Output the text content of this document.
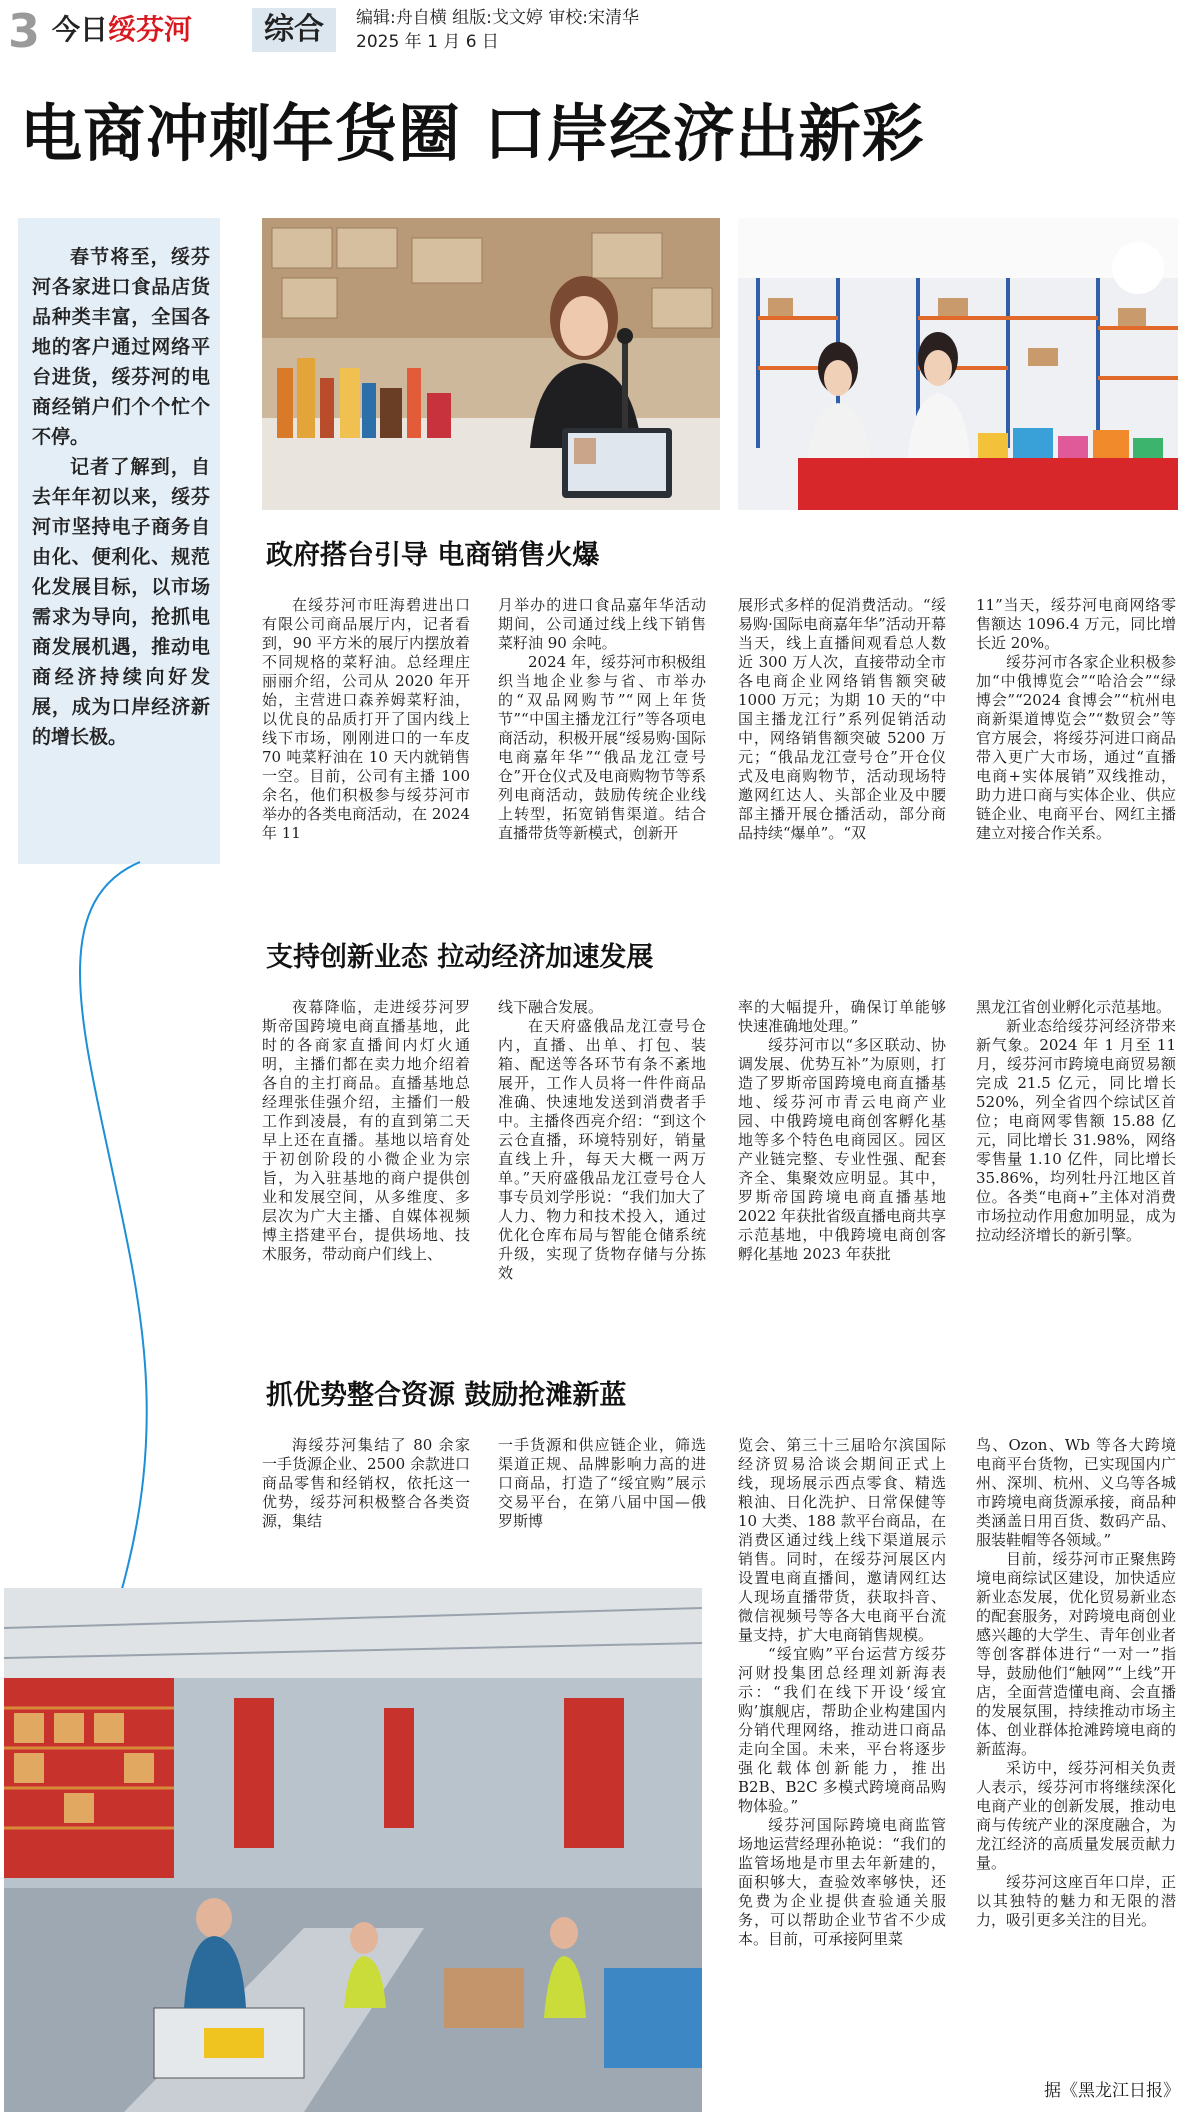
3 今日绥芬河	综合	编辑:舟自横 组版:戈文婷 审校:宋清华
2025 年 1 月 6 日
电商冲刺年货圈 口岸经济出新彩

春节将至，绥芬河各家进口食品店货品种类丰富，全国各地的客户通过网络平台进货，绥芬河的电商经销户们个个忙个不停。

记者了解到，自去年年初以来，绥芬河市坚持电子商务自由化、便利化、规范化发展目标，以市场需求为导向，抢抓电商发展机遇，推动电商经济持续向好发展，成为口岸经济新的增长极。

政府搭台引导 电商销售火爆

在绥芬河市旺海碧进出口有限公司商品展厅内，记者看到，90 平方米的展厅内摆放着不同规格的菜籽油。总经理庄丽丽介绍，公司从 2020 年开始，主营进口森养姆菜籽油，以优良的品质打开了国内线上线下市场，刚刚进口的一车皮 70 吨菜籽油在 10 天内就销售一空。目前，公司有主播 100 余名，他们积极参与绥芬河市举办的各类电商活动，在 2024 年 11

月举办的进口食品嘉年华活动期间，公司通过线上线下销售菜籽油 90 余吨。

2024 年，绥芬河市积极组织当地企业参与省、市举办的“双品网购节”“网上年货节”“中国主播龙江行”等各项电商活动，积极开展“绥易购·国际电商嘉年华”“俄品龙江壹号仓”开仓仪式及电商购物节等系列电商活动，鼓励传统企业线上转型，拓宽销售渠道。结合直播带货等新模式，创新开

展形式多样的促消费活动。“绥易购·国际电商嘉年华”活动开幕当天，线上直播间观看总人数近 300 万人次，直接带动全市各电商企业网络销售额突破 1000 万元；为期 10 天的“中国主播龙江行”系列促销活动中，网络销售额突破 5200 万元；“俄品龙江壹号仓”开仓仪式及电商购物节，活动现场特邀网红达人、头部企业及中腰部主播开展仓播活动，部分商品持续“爆单”。“双

11”当天，绥芬河电商网络零售额达 1096.4 万元，同比增长近 20%。

绥芬河市各家企业积极参加“中俄博览会”“哈洽会”“绿博会”“2024 食博会”“杭州电商新渠道博览会”“数贸会”等官方展会，将绥芬河进口商品带入更广大市场，通过“直播电商+实体展销”双线推动，助力进口商与实体企业、供应链企业、电商平台、网红主播建立对接合作关系。

支持创新业态 拉动经济加速发展

夜幕降临，走进绥芬河罗斯帝国跨境电商直播基地，此时的各商家直播间内灯火通明，主播们都在卖力地介绍着各自的主打商品。直播基地总经理张佳强介绍，主播们一般工作到凌晨，有的直到第二天早上还在直播。基地以培育处于初创阶段的小微企业为宗旨，为入驻基地的商户提供创业和发展空间，从多维度、多层次为广大主播、自媒体视频博主搭建平台，提供场地、技术服务，带动商户们线上、

线下融合发展。

在天府盛俄品龙江壹号仓内，直播、出单、打包、装箱、配送等各环节有条不紊地展开，工作人员将一件件商品准确、快速地发送到消费者手中。主播佟西亮介绍：“到这个云仓直播，环境特别好，销量直线上升，每天大概一两万单。”天府盛俄品龙江壹号仓人事专员刘学彤说：“我们加大了人力、物力和技术投入，通过优化仓库布局与智能仓储系统升级，实现了货物存储与分拣效

率的大幅提升，确保订单能够快速准确地处理。”

绥芬河市以“多区联动、协调发展、优势互补”为原则，打造了罗斯帝国跨境电商直播基地、绥芬河市青云电商产业园、中俄跨境电商创客孵化基地等多个特色电商园区。园区产业链完整、专业性强、配套齐全、集聚效应明显。其中，罗斯帝国跨境电商直播基地 2022 年获批省级直播电商共享示范基地，中俄跨境电商创客孵化基地 2023 年获批

黑龙江省创业孵化示范基地。

新业态给绥芬河经济带来新气象。2024 年 1 月至 11 月，绥芬河市跨境电商贸易额完成 21.5 亿元，同比增长 520%，列全省四个综试区首位；电商网零售额 15.88 亿元，同比增长 31.98%，网络零售量 1.10 亿件，同比增长 35.86%，均列牡丹江地区首位。各类“电商+”主体对消费市场拉动作用愈加明显，成为拉动经济增长的新引擎。

抓优势整合资源 鼓励抢滩新蓝

海绥芬河集结了 80 余家一手货源企业、2500 余款进口商品零售和经销权，依托这一优势，绥芬河积极整合各类资源，集结

一手货源和供应链企业，筛选渠道正规、品牌影响力高的进口商品，打造了“绥宜购”展示交易平台，在第八届中国—俄罗斯博

览会、第三十三届哈尔滨国际经济贸易洽谈会期间正式上线，现场展示西点零食、精选粮油、日化洗护、日常保健等 10 大类、188 款平台商品，在消费区通过线上线下渠道展示销售。同时，在绥芬河展区内设置电商直播间，邀请网红达人现场直播带货，获取抖音、微信视频号等各大电商平台流量支持，扩大电商销售规模。

“绥宜购”平台运营方绥芬河财投集团总经理刘新海表示：“我们在线下开设‘绥宜购’旗舰店，帮助企业构建国内分销代理网络，推动进口商品走向全国。未来，平台将逐步强化载体创新能力，推出 B2B、B2C 多模式跨境商品购物体验。”

绥芬河国际跨境电商监管场地运营经理孙艳说：“我们的监管场地是市里去年新建的，面积够大，查验效率够快，还免费为企业提供查验通关服务，可以帮助企业节省不少成本。目前，可承接阿里菜

鸟、Ozon、Wb 等各大跨境电商平台货物，已实现国内广州、深圳、杭州、义乌等各城市跨境电商货源承接，商品种类涵盖日用百货、数码产品、服装鞋帽等各领域。”

目前，绥芬河市正聚焦跨境电商综试区建设，加快适应新业态发展，优化贸易新业态的配套服务，对跨境电商创业感兴趣的大学生、青年创业者等创客群体进行“一对一”指导，鼓励他们“触网”“上线”开店，全面营造懂电商、会直播的发展氛围，持续推动市场主体、创业群体抢滩跨境电商的新蓝海。

采访中，绥芬河相关负责人表示，绥芬河市将继续深化电商产业的创新发展，推动电商与传统产业的深度融合，为龙江经济的高质量发展贡献力量。

绥芬河这座百年口岸，正以其独特的魅力和无限的潜力，吸引更多关注的目光。

据《黑龙江日报》
